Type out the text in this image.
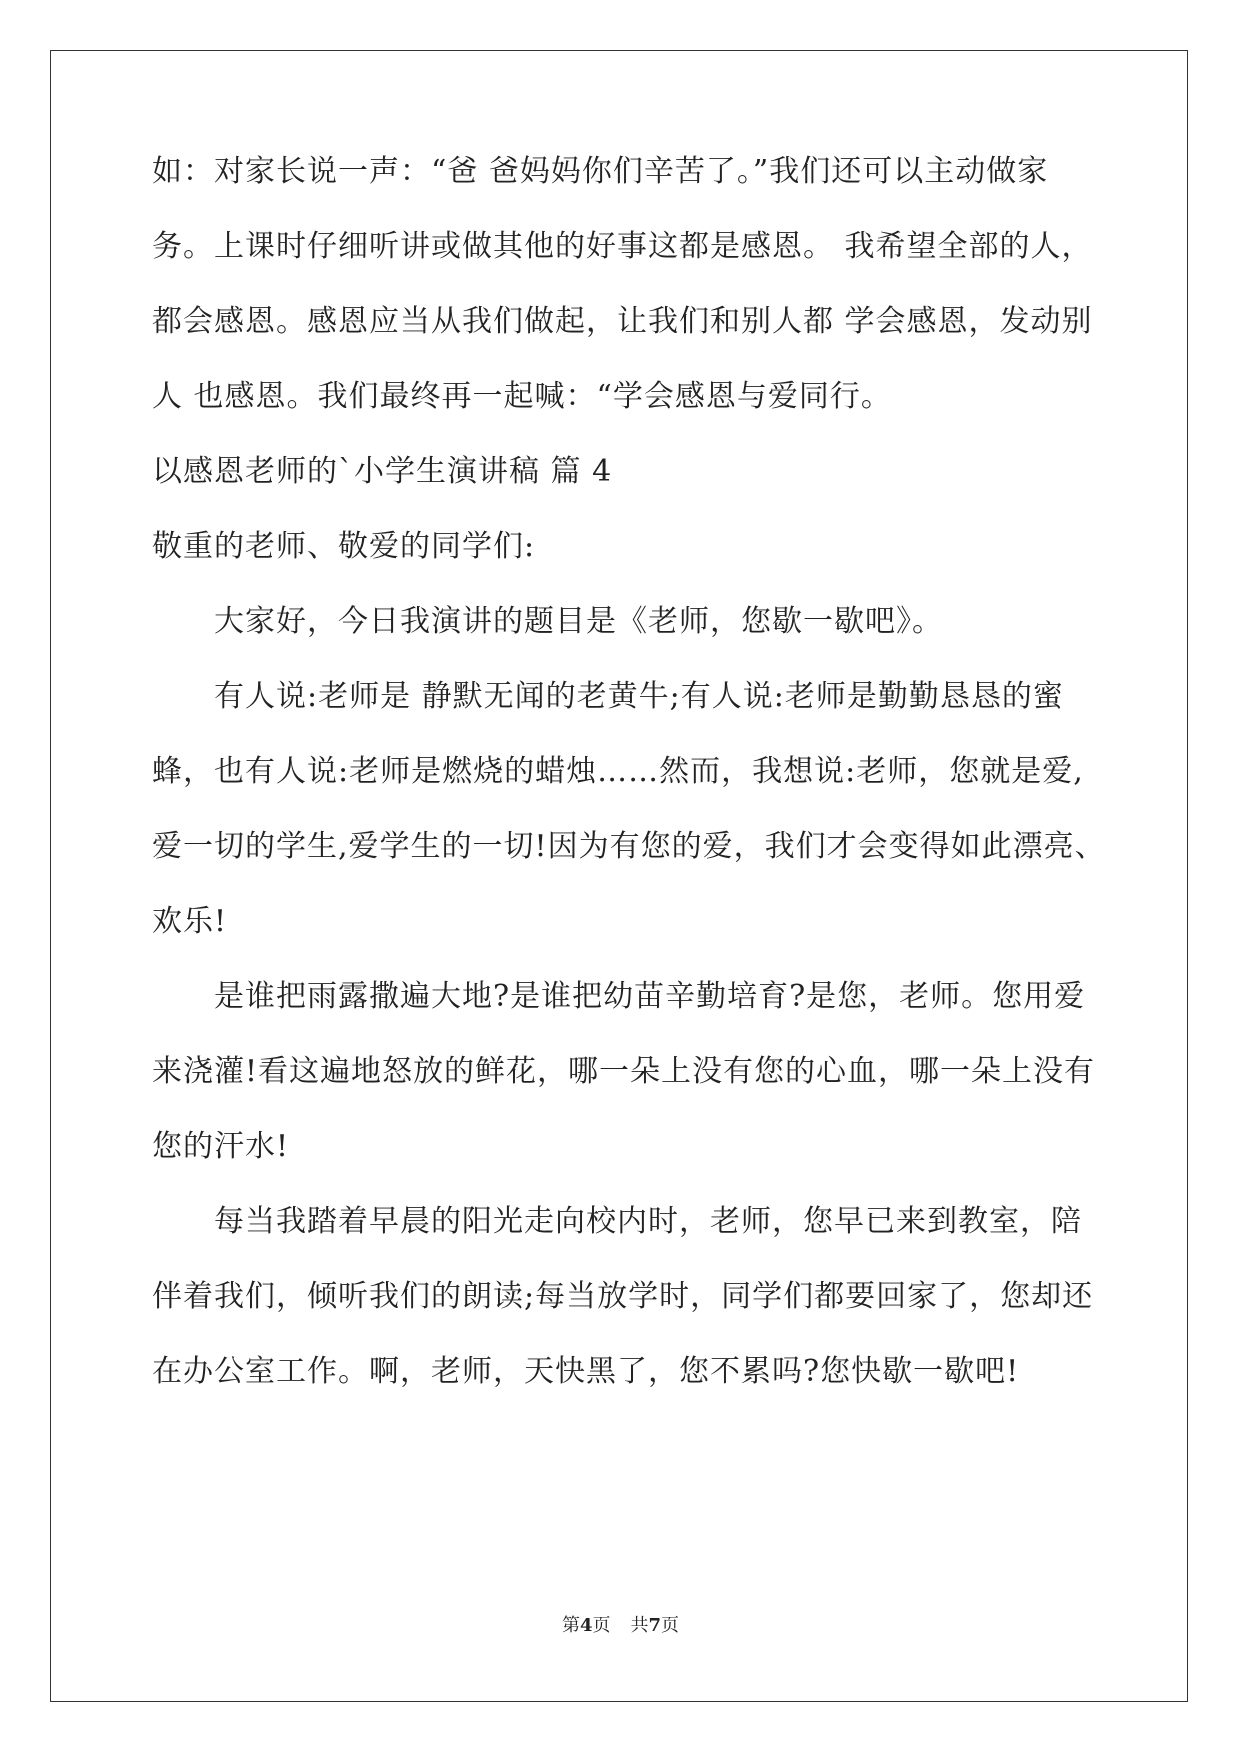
如：对家长说一声：“爸 爸妈妈你们辛苦了。”我们还可以主动做家
务。上课时仔细听讲或做其他的好事这都是感恩。 我希望全部的人，
都会感恩。感恩应当从我们做起，让我们和别人都 学会感恩，发动别
人 也感恩。我们最终再一起喊：“学会感恩与爱同行。
以感恩老师的`小学生演讲稿 篇 4
敬重的老师、敬爱的同学们:
大家好，今日我演讲的题目是《老师，您歇一歇吧》。
有人说:老师是 静默无闻的老黄牛;有人说:老师是勤勤恳恳的蜜
蜂，也有人说:老师是燃烧的蜡烛……然而，我想说:老师，您就是爱,
爱一切的学生,爱学生的一切!因为有您的爱，我们才会变得如此漂亮、
欢乐!
是谁把雨露撒遍大地?是谁把幼苗辛勤培育?是您，老师。您用爱
来浇灌!看这遍地怒放的鲜花，哪一朵上没有您的心血，哪一朵上没有
您的汗水!
每当我踏着早晨的阳光走向校内时，老师，您早已来到教室，陪
伴着我们，倾听我们的朗读;每当放学时，同学们都要回家了，您却还
在办公室工作。啊，老师，天快黑了，您不累吗?您快歇一歇吧!
第4页 共7页
